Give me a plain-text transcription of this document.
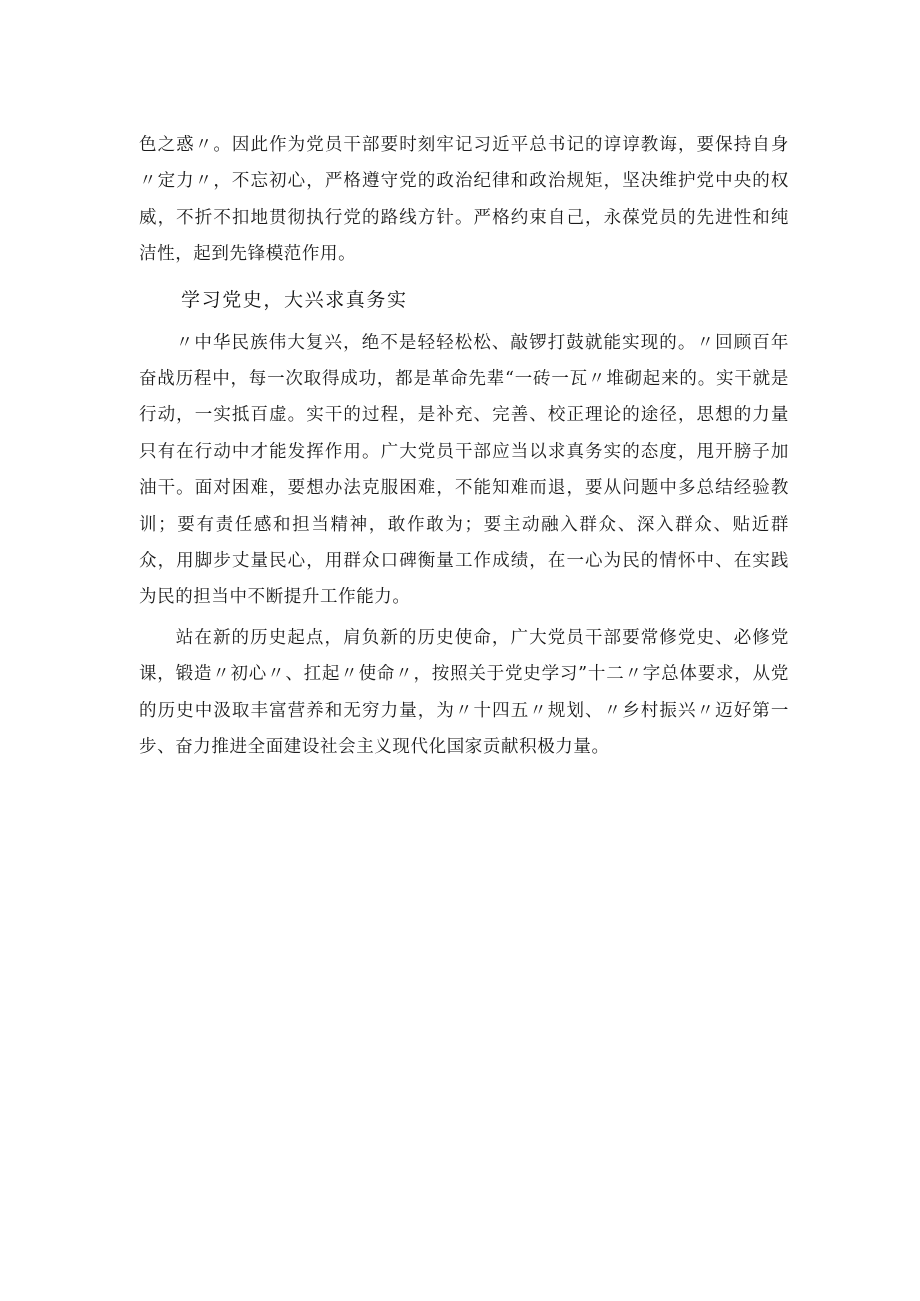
色之惑〃。因此作为党员干部要时刻牢记习近平总书记的谆谆教诲，要保持自身〃定力〃，不忘初心，严格遵守党的政治纪律和政治规矩，坚决维护党中央的权威，不折不扣地贯彻执行党的路线方针。严格约束自己，永葆党员的先进性和纯洁性，起到先锋模范作用。

学习党史，大兴求真务实

〃中华民族伟大复兴，绝不是轻轻松松、敲锣打鼓就能实现的。〃回顾百年奋战历程中，每一次取得成功，都是革命先辈“一砖一瓦〃堆砌起来的。实干就是行动，一实抵百虚。实干的过程，是补充、完善、校正理论的途径，思想的力量只有在行动中才能发挥作用。广大党员干部应当以求真务实的态度，甩开膀子加油干。面对困难，要想办法克服困难，不能知难而退，要从问题中多总结经验教训；要有责任感和担当精神，敢作敢为；要主动融入群众、深入群众、贴近群众，用脚步丈量民心，用群众口碑衡量工作成绩，在一心为民的情怀中、在实践为民的担当中不断提升工作能力。

站在新的历史起点，肩负新的历史使命，广大党员干部要常修党史、必修党课，锻造〃初心〃、扛起〃使命〃，按照关于党史学习”十二〃字总体要求，从党的历史中汲取丰富营养和无穷力量，为〃十四五〃规划、〃乡村振兴〃迈好第一步、奋力推进全面建设社会主义现代化国家贡献积极力量。
